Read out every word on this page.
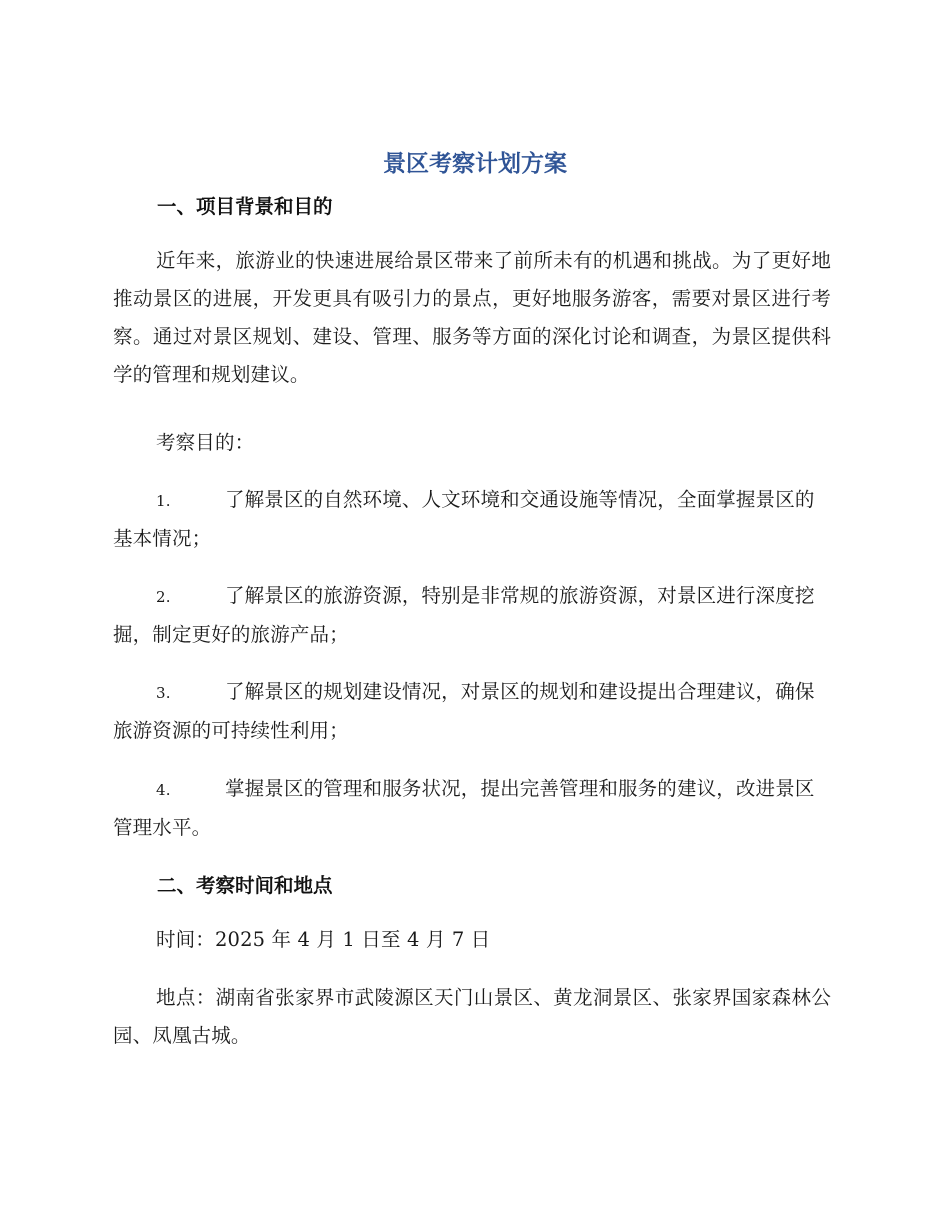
景区考察计划方案
一、项目背景和目的
近年来，旅游业的快速进展给景区带来了前所未有的机遇和挑战。为了更好地推动景区的进展，开发更具有吸引力的景点，更好地服务游客，需要对景区进行考察。通过对景区规划、建设、管理、服务等方面的深化讨论和调查，为景区提供科学的管理和规划建议。
考察目的：
1.	了解景区的自然环境、人文环境和交通设施等情况，全面掌握景区的基本情况；
2.	了解景区的旅游资源，特别是非常规的旅游资源，对景区进行深度挖掘，制定更好的旅游产品；
3.	了解景区的规划建设情况，对景区的规划和建设提出合理建议，确保旅游资源的可持续性利用；
4.	掌握景区的管理和服务状况，提出完善管理和服务的建议，改进景区管理水平。
二、考察时间和地点
时间：2025 年 4 月 1 日至 4 月 7 日
地点：湖南省张家界市武陵源区天门山景区、黄龙洞景区、张家界国家森林公园、凤凰古城。
